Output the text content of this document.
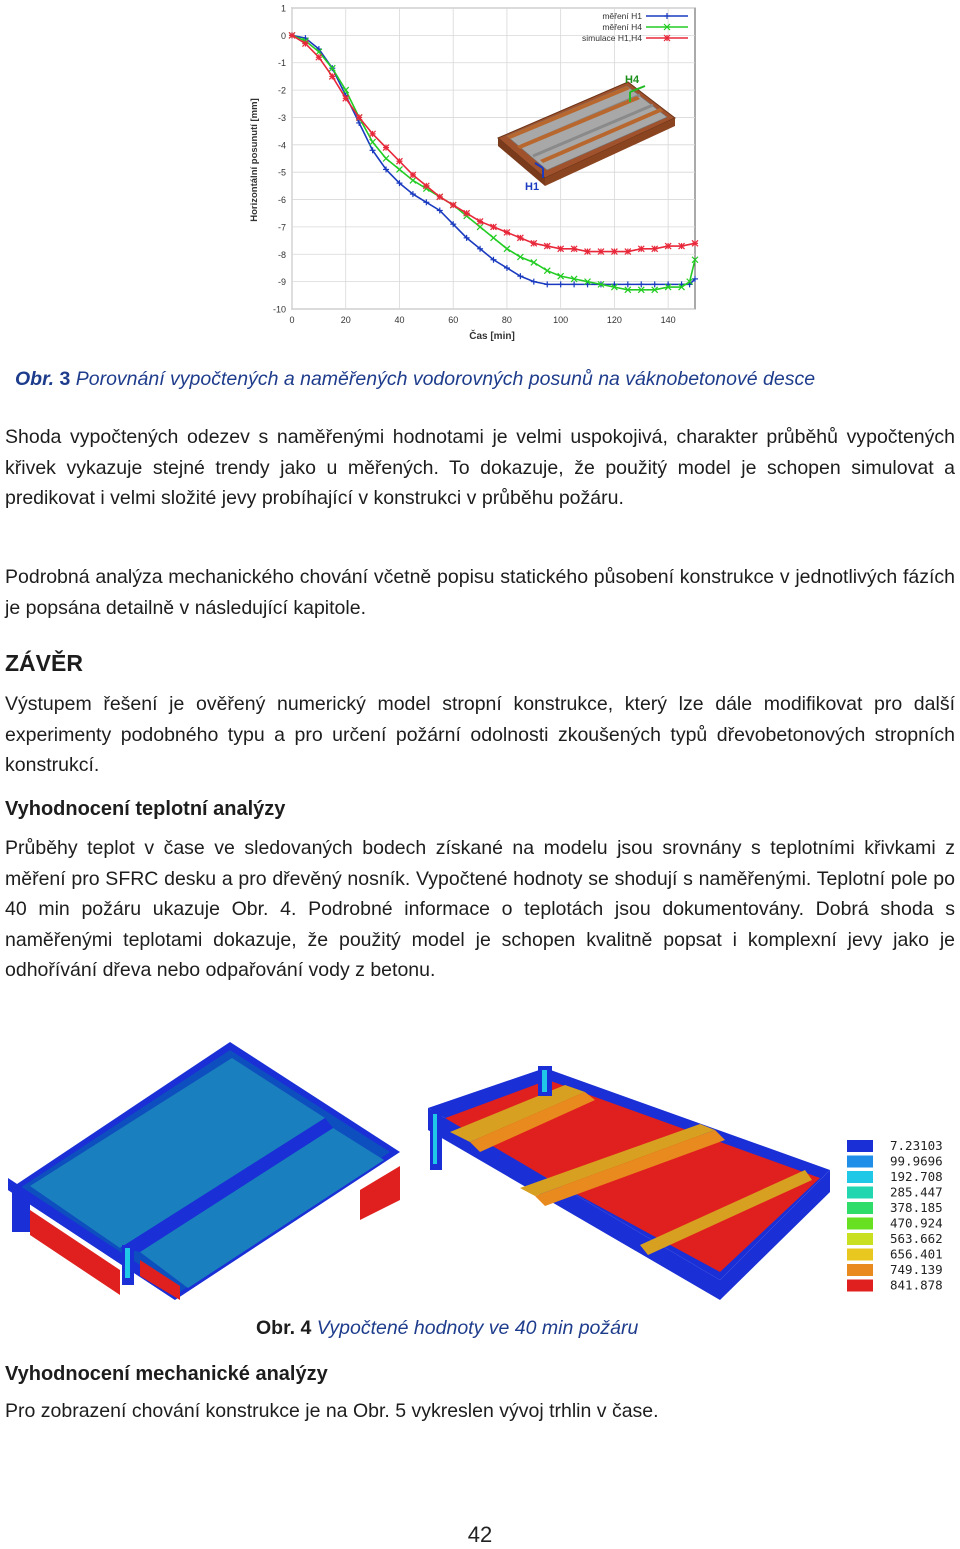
1
0
-1
-2
-3
-4
-5
-6
-7
-8
-9
-10
0	20	40	60	80	100	120	140
Horizontální posunutí [mm]
Čas [min]
H4
H1
měření H1
měření H4
simulace H1,H4
Obr. 3 Porovnání vypočtených a naměřených vodorovných posunů na váknobetonové desce

Shoda vypočtených odezev s naměřenými hodnotami je velmi uspokojivá, charakter průběhů vypočtených křivek vykazuje stejné trendy jako u měřených. To dokazuje, že použitý model je schopen simulovat a predikovat i velmi složité jevy probíhající v konstrukci v průběhu požáru.

Podrobná analýza mechanického chování včetně popisu statického působení konstrukce v jednotlivých fázích je popsána detailně v následující kapitole.

ZÁVĚR

Výstupem řešení je ověřený numerický model stropní konstrukce, který lze dále modifikovat pro další experimenty podobného typu a pro určení požární odolnosti zkoušených typů dřevobetonových stropních konstrukcí.

Vyhodnocení teplotní analýzy

Průběhy teplot v čase ve sledovaných bodech získané na modelu jsou srovnány s teplotními křivkami z měření pro SFRC desku a pro dřevěný nosník. Vypočtené hodnoty se shodují s naměřenými. Teplotní pole po 40 min požáru ukazuje Obr. 4. Podrobné informace o teplotách jsou dokumentovány. Dobrá shoda s naměřenými teplotami dokazuje, že použitý model je schopen kvalitně popsat i komplexní jevy jako je odhořívání dřeva nebo odpařování vody z betonu.

7.23103
99.9696
192.708
285.447
378.185
470.924
563.662
656.401
749.139
841.878
Obr. 4 Vypočtené hodnoty ve 40 min požáru
Vyhodnocení mechanické analýzy

Pro zobrazení chování konstrukce je na Obr. 5 vykreslen vývoj trhlin v čase.

42
